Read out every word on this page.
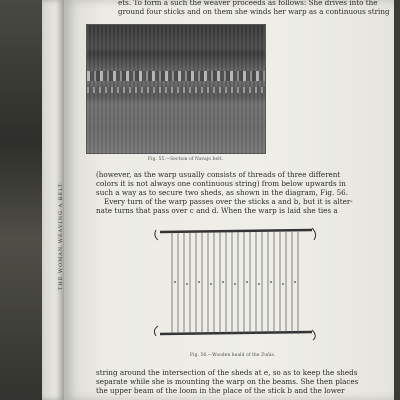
THE WOMAN WEAVING A BELT.
ets. To form a such the weaver proceeds as follows: She drives into the
ground four sticks and on them she winds her warp as a continuous string
Fig. 55.—Section of Navajo belt.
(however, as the warp usually consists of threads of three different
colors it is not always one continuous string) from below upwards in
such a way as to secure two sheds, as shown in the diagram, Fig. 56.
Every turn of the warp passes over the sticks a and b, but it is alter-
nate turns that pass over c and d. When the warp is laid she ties a
Fig. 56.—Wooden heald of the Zuñis.
string around the intersection of the sheds at e, so as to keep the sheds
separate while she is mounting the warp on the beams. She then places
the upper beam of the loom in the place of the stick b and the lower
